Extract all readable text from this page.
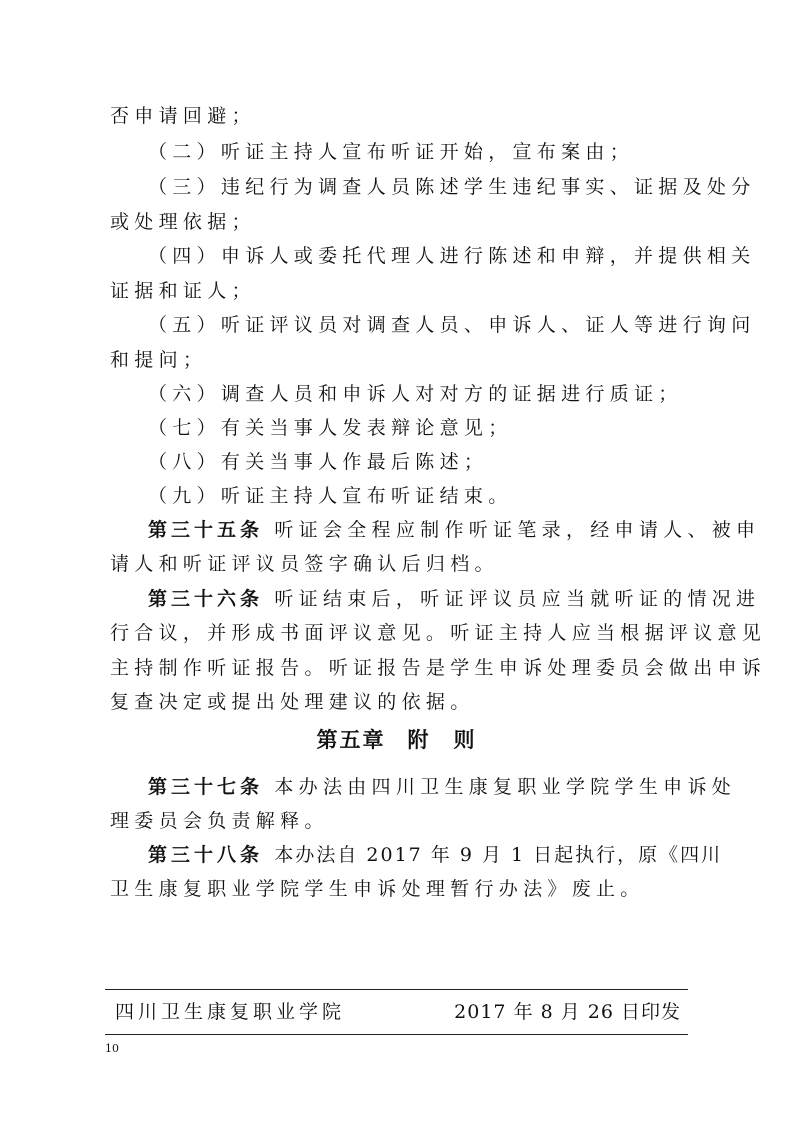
否申请回避；
（二）听证主持人宣布听证开始，宣布案由；
（三）违纪行为调查人员陈述学生违纪事实、证据及处分
或处理依据；
（四）申诉人或委托代理人进行陈述和申辩，并提供相关
证据和证人；
（五）听证评议员对调查人员、申诉人、证人等进行询问
和提问；
（六）调查人员和申诉人对对方的证据进行质证；
（七）有关当事人发表辩论意见；
（八）有关当事人作最后陈述；
（九）听证主持人宣布听证结束。
第三十五条 听证会全程应制作听证笔录，经申请人、被申
请人和听证评议员签字确认后归档。
第三十六条 听证结束后，听证评议员应当就听证的情况进
行合议，并形成书面评议意见。听证主持人应当根据评议意见
主持制作听证报告。听证报告是学生申诉处理委员会做出申诉
复查决定或提出处理建议的依据。
第五章 附　则
第三十七条 本办法由四川卫生康复职业学院学生申诉处
理委员会负责解释。
第三十八条 本办法自 2017 年 9 月 1 日起执行，原《四川
卫生康复职业学院学生申诉处理暂行办法》废止。
四川卫生康复职业学院	2017 年 8 月 26 日印发
10
